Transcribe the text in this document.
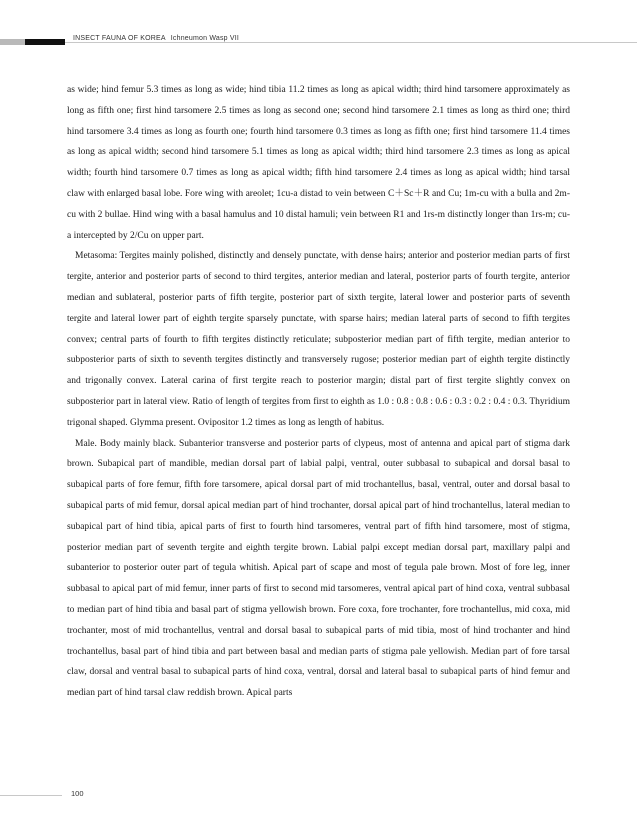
INSECT FAUNA OF KOREA Ichneumon Wasp VII

as wide; hind femur 5.3 times as long as wide; hind tibia 11.2 times as long as apical width; third hind tarsomere approximately as long as fifth one; first hind tarsomere 2.5 times as long as second one; second hind tarsomere 2.1 times as long as third one; third hind tarsomere 3.4 times as long as fourth one; fourth hind tarsomere 0.3 times as long as fifth one; first hind tarsomere 11.4 times as long as apical width; second hind tarsomere 5.1 times as long as apical width; third hind tarsomere 2.3 times as long as apical width; fourth hind tarsomere 0.7 times as long as apical width; fifth hind tarsomere 2.4 times as long as apical width; hind tarsal claw with enlarged basal lobe. Fore wing with areolet; 1cu-a distad to vein between C＋Sc＋R and Cu; 1m-cu with a bulla and 2m-cu with 2 bullae. Hind wing with a basal hamulus and 10 distal hamuli; vein between R1 and 1rs-m distinctly longer than 1rs-m; cu-a intercepted by 2/Cu on upper part.

Metasoma: Tergites mainly polished, distinctly and densely punctate, with dense hairs; anterior and posterior median parts of first tergite, anterior and posterior parts of second to third tergites, anterior median and lateral, posterior parts of fourth tergite, anterior median and sublateral, posterior parts of fifth tergite, posterior part of sixth tergite, lateral lower and posterior parts of seventh tergite and lateral lower part of eighth tergite sparsely punctate, with sparse hairs; median lateral parts of second to fifth tergites convex; central parts of fourth to fifth tergites distinctly reticulate; subposterior median part of fifth tergite, median anterior to subposterior parts of sixth to seventh tergites distinctly and transversely rugose; posterior median part of eighth tergite distinctly and trigonally convex. Lateral carina of first tergite reach to posterior margin; distal part of first tergite slightly convex on subposterior part in lateral view. Ratio of length of tergites from first to eighth as 1.0 : 0.8 : 0.8 : 0.6 : 0.3 : 0.2 : 0.4 : 0.3. Thyridium trigonal shaped. Glymma present. Ovipositor 1.2 times as long as length of habitus.

Male. Body mainly black. Subanterior transverse and posterior parts of clypeus, most of antenna and apical part of stigma dark brown. Subapical part of mandible, median dorsal part of labial palpi, ventral, outer subbasal to subapical and dorsal basal to subapical parts of fore femur, fifth fore tarsomere, apical dorsal part of mid trochantellus, basal, ventral, outer and dorsal basal to subapical parts of mid femur, dorsal apical median part of hind trochanter, dorsal apical part of hind trochantellus, lateral median to subapical part of hind tibia, apical parts of first to fourth hind tarsomeres, ventral part of fifth hind tarsomere, most of stigma, posterior median part of seventh tergite and eighth tergite brown. Labial palpi except median dorsal part, maxillary palpi and subanterior to posterior outer part of tegula whitish. Apical part of scape and most of tegula pale brown. Most of fore leg, inner subbasal to apical part of mid femur, inner parts of first to second mid tarsomeres, ventral apical part of hind coxa, ventral subbasal to median part of hind tibia and basal part of stigma yellowish brown. Fore coxa, fore trochanter, fore trochantellus, mid coxa, mid trochanter, most of mid trochantellus, ventral and dorsal basal to subapical parts of mid tibia, most of hind trochanter and hind trochantellus, basal part of hind tibia and part between basal and median parts of stigma pale yellowish. Median part of fore tarsal claw, dorsal and ventral basal to subapical parts of hind coxa, ventral, dorsal and lateral basal to subapical parts of hind femur and median part of hind tarsal claw reddish brown. Apical parts

100
